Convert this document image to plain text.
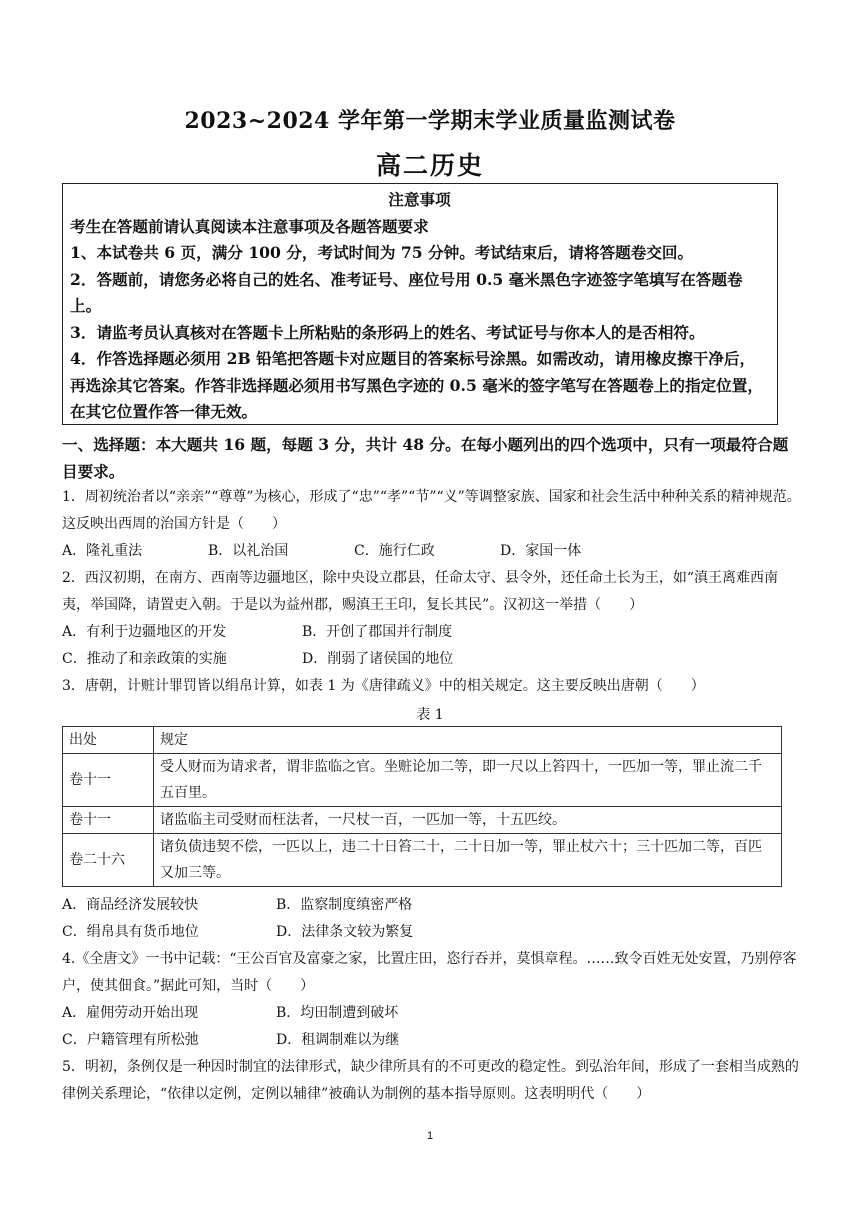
2023~2024 学年第一学期末学业质量监测试卷
高二历史

注意事项

考生在答题前请认真阅读本注意事项及各题答题要求

1、本试卷共 6 页，满分 100 分，考试时间为 75 分钟。考试结束后，请将答题卷交回。

2．答题前，请您务必将自己的姓名、准考证号、座位号用 0.5 毫米黑色字迹签字笔填写在答题卷上。

3．请监考员认真核对在答题卡上所粘贴的条形码上的姓名、考试证号与你本人的是否相符。

4．作答选择题必须用 2B 铅笔把答题卡对应题目的答案标号涂黑。如需改动，请用橡皮擦干净后，再选涂其它答案。作答非选择题必须用书写黑色字迹的 0.5 毫米的签字笔写在答题卷上的指定位置，在其它位置作答一律无效。

一、选择题：本大题共 16 题，每题 3 分，共计 48 分。在每小题列出的四个选项中，只有一项最符合题目要求。

1．周初统治者以“亲亲”“尊尊”为核心，形成了“忠”“孝”“节”“义”等调整家族、国家和社会生活中种种关系的精神规范。这反映出西周的治国方针是（　　）

A．隆礼重法	B．以礼治国	C．施行仁政	D．家国一体

2．西汉初期，在南方、西南等边疆地区，除中央设立郡县，任命太守、县令外，还任命土长为王，如“滇王离难西南夷，举国降，请置吏入朝。于是以为益州郡，赐滇王王印，复长其民”。汉初这一举措（　　）

A．有利于边疆地区的开发	B．开创了郡国并行制度
C．推动了和亲政策的实施	D．削弱了诸侯国的地位

3．唐朝，计赃计罪罚皆以绢帛计算，如表 1 为《唐律疏义》中的相关规定。这主要反映出唐朝（　　）

表 1
出处	规定
卷十一	受人财而为请求者，谓非监临之官。坐赃论加二等，即一尺以上笞四十，一匹加一等，罪止流二千五百里。
卷十一	诸监临主司受财而枉法者，一尺杖一百，一匹加一等，十五匹绞。
卷二十六	诸负债违契不偿，一匹以上，违二十日笞二十，二十日加一等，罪止杖六十；三十匹加二等，百匹又加三等。
A．商品经济发展较快	B．监察制度缜密严格
C．绢帛具有货币地位	D．法律条文较为繁复

4.《全唐文》一书中记载：“王公百官及富豪之家，比置庄田，恣行吞并，莫惧章程。……致令百姓无处安置，乃别停客户，使其佃食。”据此可知，当时（　　）

A．雇佣劳动开始出现	B．均田制遭到破坏
C．户籍管理有所松弛	D．租调制难以为继

5．明初，条例仅是一种因时制宜的法律形式，缺少律所具有的不可更改的稳定性。到弘治年间，形成了一套相当成熟的律例关系理论，“依律以定例，定例以辅律”被确认为制例的基本指导原则。这表明明代（　　）

1
